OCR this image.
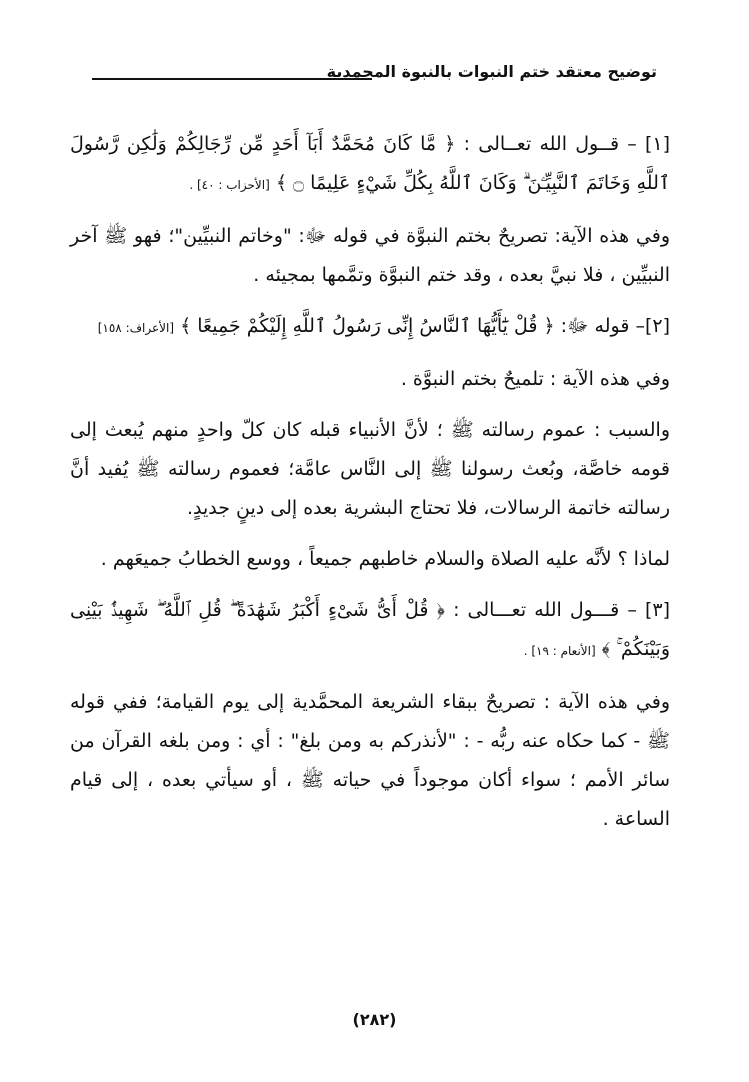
توضيح معتقد ختم النبوات بالنبوة المحمدية

[١] – قــول الله تعــالى : ﴿ مَّا كَانَ مُحَمَّدٌ أَبَآ أَحَدٍ مِّن رِّجَالِكُمْ وَلَٰكِن رَّسُولَ ٱللَّهِ وَخَاتَمَ ٱلنَّبِيِّـۧنَ ۗ وَكَانَ ٱللَّهُ بِكُلِّ شَيْءٍ عَلِيمًا ۝ ﴾ [الأحزاب : ٤٠] .

وفي هذه الآية: تصريحٌ بختم النبوَّة في قوله ﷻ: "وخاتم النبيِّين"؛ فهو ﷺ آخر النبيِّين ، فلا نبيَّ بعده ، وقد ختم النبوَّة وتمَّمها بمجيئه .

[٢]– قوله ﷻ: ﴿ قُلْ يَٰٓأَيُّهَا ٱلنَّاسُ إِنِّى رَسُولُ ٱللَّهِ إِلَيْكُمْ جَمِيعًا ﴾ [الأعراف: ١٥٨]

وفي هذه الآية : تلميحٌ بختم النبوَّة .

والسبب : عموم رسالته ﷺ ؛ لأنَّ الأنبياء قبله كان كلّ واحدٍ منهم يُبعث إلى قومه خاصَّة، وبُعث رسولنا ﷺ إلى النَّاس عامَّة؛ فعموم رسالته ﷺ يُفيد أنَّ رسالته خاتمة الرسالات، فلا تحتاج البشرية بعده إلى دينٍ جديدٍ.

لماذا ؟ لأنَّه عليه الصلاة والسلام خاطبهم جميعاً ، ووسع الخطابُ جميعَهم .

[٣] – قـــول الله تعـــالى : ﴿ قُلْ أَىُّ شَىْءٍ أَكْبَرُ شَهَٰدَةً ۖ قُلِ ٱللَّهُ ۖ شَهِيدٌۢ بَيْنِى وَبَيْنَكُمْ ۚ ﴾ [الأنعام : ١٩] .

وفي هذه الآية : تصريحٌ ببقاء الشريعة المحمَّدية إلى يوم القيامة؛ ففي قوله ﷺ - كما حكاه عنه ربُّه - : "لأنذركم به ومن بلغ" : أي : ومن بلغه القرآن من سائر الأمم ؛ سواء أكان موجوداً في حياته ﷺ ، أو سيأتي بعده ، إلى قيام الساعة .

(٢٨٢)
